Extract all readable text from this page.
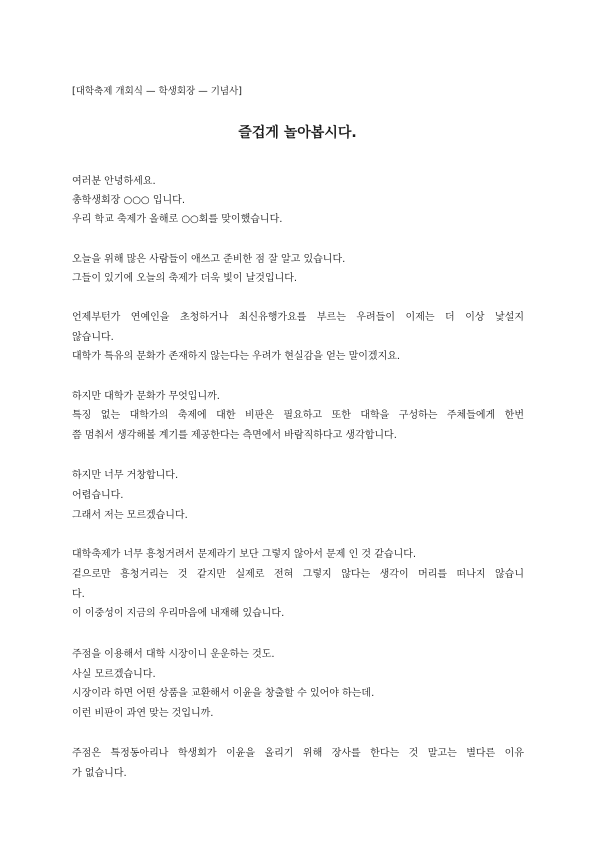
[대학축제 개회식 — 학생회장 — 기념사]

즐겁게 놀아봅시다.

여러분 안녕하세요.

총학생회장 ○○○ 입니다.

우리 학교 축제가 올해로 ○○회를 맞이했습니다.

오늘을 위해 많은 사람들이 애쓰고 준비한 점 잘 알고 있습니다.

그들이 있기에 오늘의 축제가 더욱 빛이 날것입니다.

언제부턴가 연예인을 초청하거나 최신유행가요를 부르는 우려들이 이제는 더 이상 낯설지

않습니다.

대학가 특유의 문화가 존재하지 않는다는 우려가 현실감을 얻는 말이겠지요.

하지만 대학가 문화가 무엇입니까.

특징 없는 대학가의 축제에 대한 비판은 필요하고 또한 대학을 구성하는 주체들에게 한번

쯤 멈춰서 생각해볼 계기를 제공한다는 측면에서 바람직하다고 생각합니다.

하지만 너무 거창합니다.

어렵습니다.

그래서 저는 모르겠습니다.

대학축제가 너무 흥청거려서 문제라기 보단 그렇지 않아서 문제 인 것 같습니다.

겉으로만 흥청거리는 것 같지만 실제로 전혀 그렇지 않다는 생각이 머리를 떠나지 않습니

다.

이 이중성이 지금의 우리마음에 내재해 있습니다.

주점을 이용해서 대학 시장이니 운운하는 것도.

사실 모르겠습니다.

시장이라 하면 어떤 상품을 교환해서 이윤을 창출할 수 있어야 하는데.

이런 비판이 과연 맞는 것입니까.

주점은 특정동아리나 학생회가 이윤을 올리기 위해 장사를 한다는 것 말고는 별다른 이유

가 없습니다.
